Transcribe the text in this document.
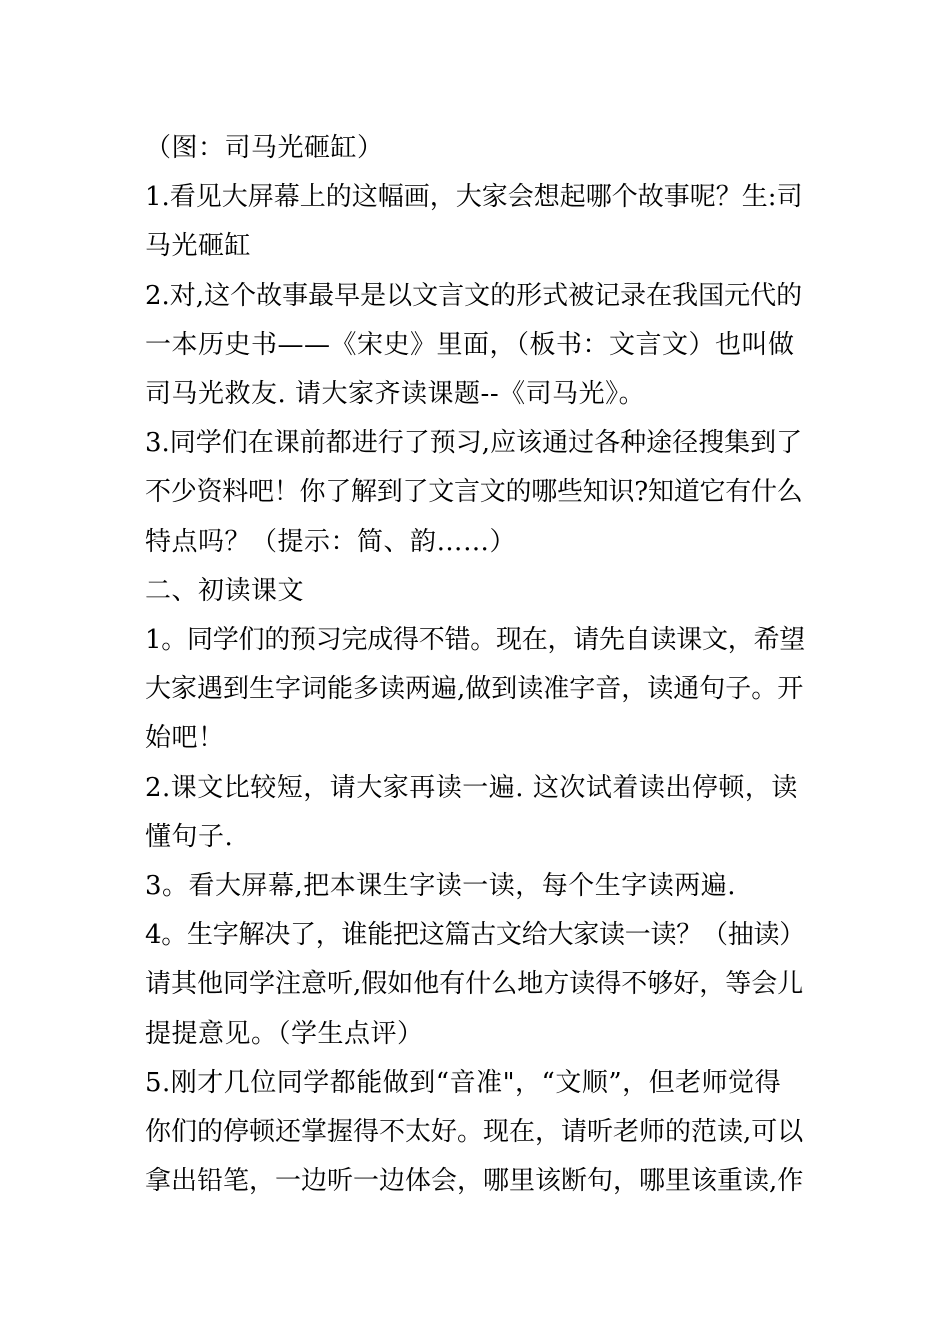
（图：司马光砸缸）
1.看见大屏幕上的这幅画，大家会想起哪个故事呢？生:司
马光砸缸
2.对,这个故事最早是以文言文的形式被记录在我国元代的
一本历史书——《宋史》里面，（板书：文言文）也叫做
司马光救友. 请大家齐读课题--《司马光》。
3.同学们在课前都进行了预习,应该通过各种途径搜集到了
不少资料吧！你了解到了文言文的哪些知识?知道它有什么
特点吗？（提示：简、韵……）
二、初读课文
1。同学们的预习完成得不错。现在，请先自读课文，希望
大家遇到生字词能多读两遍,做到读准字音，读通句子。开
始吧！
2.课文比较短，请大家再读一遍. 这次试着读出停顿，读
懂句子.
3。看大屏幕,把本课生字读一读，每个生字读两遍.
4。生字解决了，谁能把这篇古文给大家读一读？（抽读）
请其他同学注意听,假如他有什么地方读得不够好，等会儿
提提意见。（学生点评）
5.刚才几位同学都能做到“音准"，“文顺”，但老师觉得
你们的停顿还掌握得不太好。现在，请听老师的范读,可以
拿出铅笔，一边听一边体会，哪里该断句，哪里该重读,作
